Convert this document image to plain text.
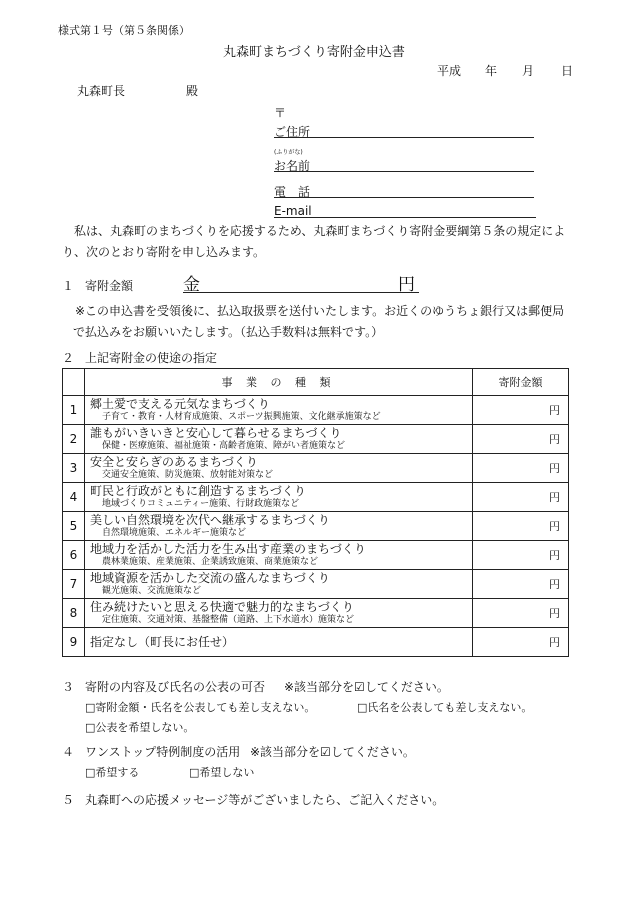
様式第１号（第５条関係）
丸森町まちづくり寄附金申込書
平成 年 月 日
丸森町長	殿
〒
ご住所
(ふりがな)
お名前
電　話
E-mail
私は、丸森町のまちづくりを応援するため、丸森町まちづくり寄附金要綱第５条の規定により、次のとおり寄附を申し込みます。
１ 寄附金額	金	円
※この申込書を受領後に、払込取扱票を送付いたします。お近くのゆうちょ銀行又は郵便局で払込みをお願いいたします。（払込手数料は無料です。）
２ 上記寄附金の使途の指定
	事 業 の 種 類	寄附金額
1	郷土愛で支える元気なまちづくり
子育て・教育・人材育成施策、スポーツ振興施策、文化継承施策など	円
2	誰もがいきいきと安心して暮らせるまちづくり
保健・医療施策、福祉施策・高齢者施策、障がい者施策など	円
3	安全と安らぎのあるまちづくり
交通安全施策、防災施策、放射能対策など	円
4	町民と行政がともに創造するまちづくり
地域づくりコミュニティー施策、行財政施策など	円
5	美しい自然環境を次代へ継承するまちづくり
自然環境施策、エネルギー施策など	円
6	地域力を活かした活力を生み出す産業のまちづくり
農林業施策、産業施策、企業誘致施策、商業施策など	円
7	地域資源を活かした交流の盛んなまちづくり
観光施策、交流施策など	円
8	住み続けたいと思える快適で魅力的なまちづくり
定住施策、交通対策、基盤整備（道路、上下水道水）施策など	円
9	指定なし（町長にお任せ）	円
３ 寄附の内容及び氏名の公表の可否 ※該当部分を☑してください。
□寄附金額・氏名を公表しても差し支えない。	□氏名を公表しても差し支えない。
□公表を希望しない。
４ ワンストップ特例制度の活用 ※該当部分を☑してください。
□希望する	□希望しない
５ 丸森町への応援メッセージ等がございましたら、ご記入ください。
